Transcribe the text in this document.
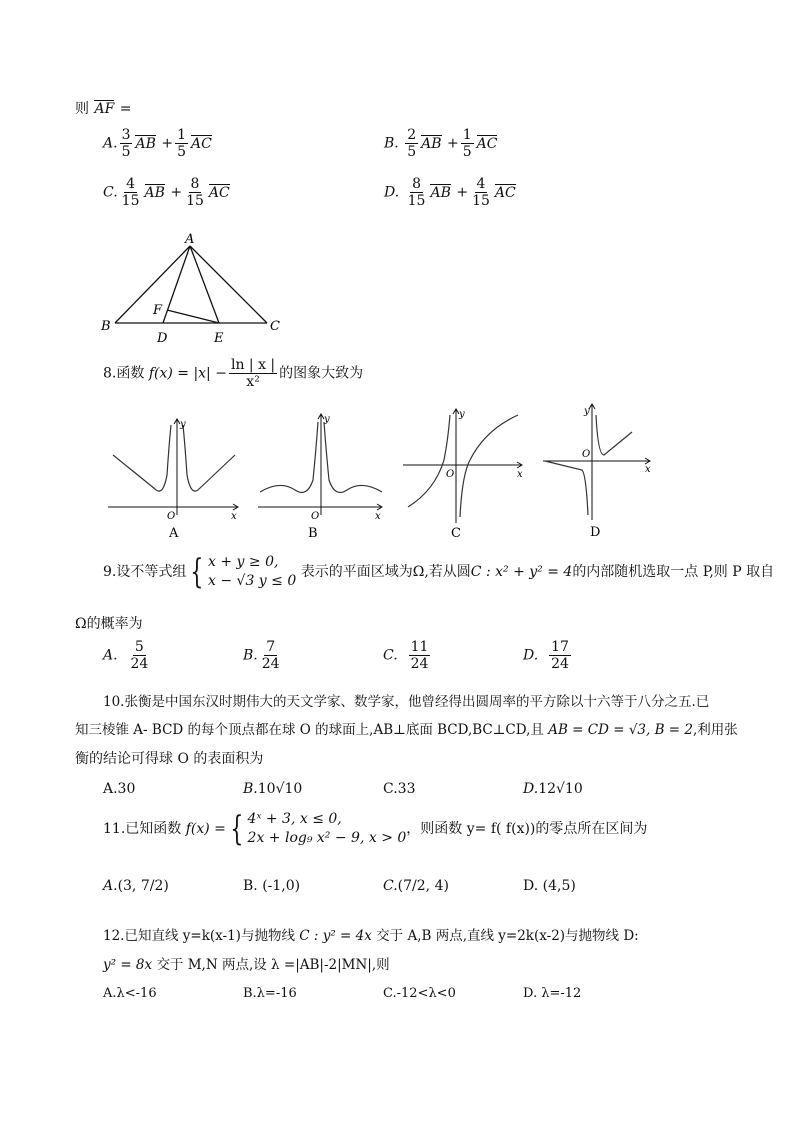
则 AF =
A. $\frac{3}{5}$ AB + $\frac{1}{5}$ AC	B. $\frac{2}{5}$ AB + $\frac{1}{5}$ AC
C. $\frac{4}{15}$ AB + $\frac{8}{15}$ AC	D. $\frac{8}{15}$ AB + $\frac{4}{15}$ AC
A
B	C
D	E
F
8.函数 $f(x) = |x| - \frac{\ln | x |}{\text{x²}}$ 的图象大致为
O	x
y
A
O	x
y
B
O	x
y
C
O
x
y
D
9.设不等式组 { x + y ≥ 0,
x − √3 y ≤ 0
表示的平面区域为Ω,若从圆C : x² + y² = 4的内部随机选取一点 P,则 P 取自
Ω的概率为
A. $\frac{5}{24}$	B. $\frac{7}{24}$	C. $\frac{11}{24}$	D. $\frac{17}{24}$
10.张衡是中国东汉时期伟大的天文学家、数学家，他曾经得出圆周率的平方除以十六等于八分之五.已
知三棱锥 A- BCD 的每个顶点都在球 O 的球面上,AB⊥底面 BCD,BC⊥CD,且 AB = CD = √3, B = 2,利用张
衡的结论可得球 O 的表面积为
A.30	B.10√10	C.33	D.12√10
11.已知函数 f(x) = { 4ˣ + 3, x ≤ 0,
2x + log₉ x² − 9, x > 0
，则函数 y= f( f(x))的零点所在区间为
A.(3, 7/2)	B. (-1,0)	C.(7/2, 4)	D. (4,5)
12.已知直线 y=k(x-1)与抛物线 C : y² = 4x 交于 A,B 两点,直线 y=2k(x-2)与抛物线 D:
y² = 8x 交于 M,N 两点,设 λ =|AB|-2|MN|,则
A.λ<-16	B.λ=-16	C.-12<λ<0	D. λ=-12
